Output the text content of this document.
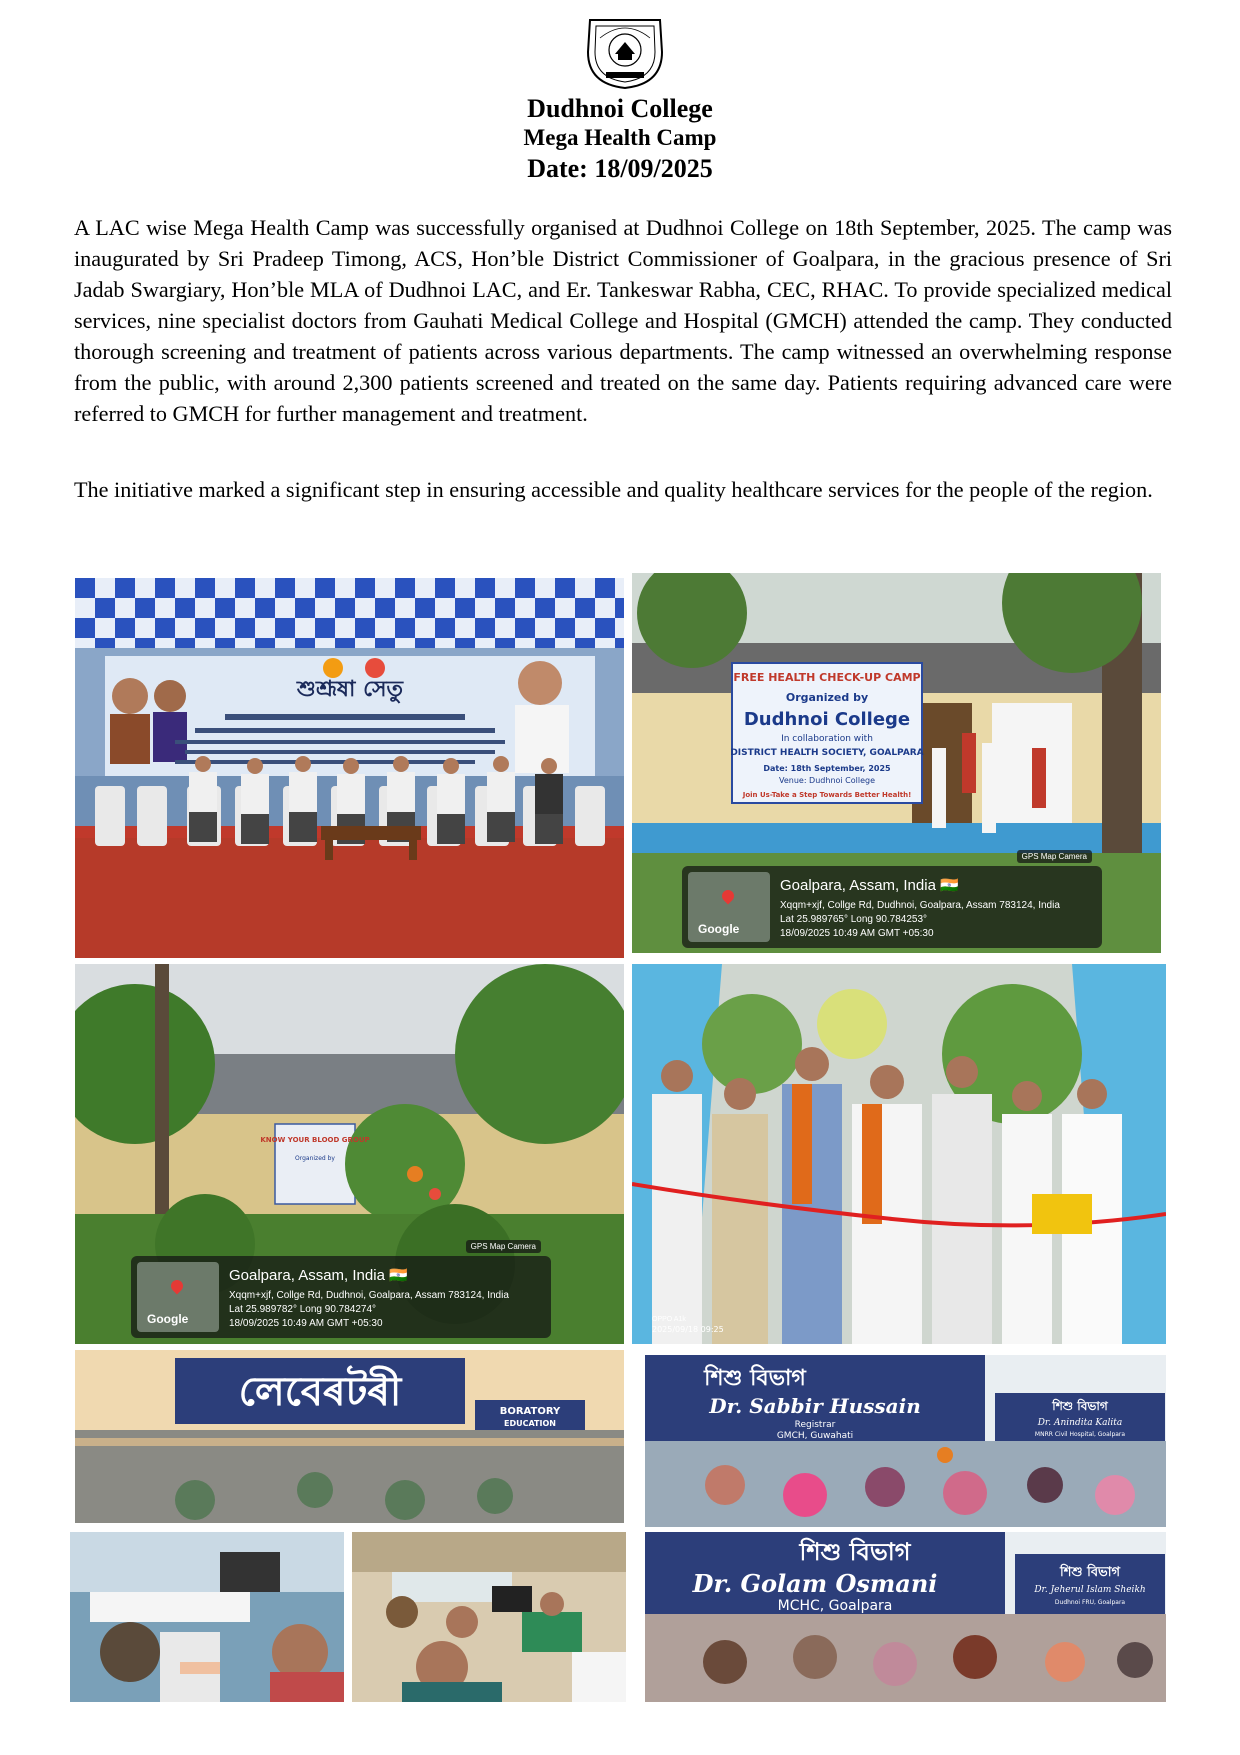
Dudhnoi College
Mega Health Camp
Date: 18/09/2025

A LAC wise Mega Health Camp was successfully organised at Dudhnoi College on 18th September, 2025. The camp was inaugurated by Sri Pradeep Timong, ACS, Hon’ble District Commissioner of Goalpara, in the gracious presence of Sri Jadab Swargiary, Hon’ble MLA of Dudhnoi LAC, and Er. Tankeswar Rabha, CEC, RHAC. To provide specialized medical services, nine specialist doctors from Gauhati Medical College and Hospital (GMCH) attended the camp. They conducted thorough screening and treatment of patients across various departments. The camp witnessed an overwhelming response from the public, with around 2,300 patients screened and treated on the same day. Patients requiring advanced care were referred to GMCH for further management and treatment.

The initiative marked a significant step in ensuring accessible and quality healthcare services for the people of the region.

শুশ্ৰূষা সেতু	FREE HEALTH CHECK-UP CAMP
Organized by
Dudhnoi College
In collaboration with
DISTRICT HEALTH SOCIETY, GOALPARA
Date: 18th September, 2025
Venue: Dudhnoi College
Join Us-Take a Step Towards Better Health!
GPS Map Camera
Google
Goalpara, Assam, India 🇮🇳
Xqqm+xjf, Collge Rd, Dudhnoi, Goalpara, Assam 783124, India
Lat 25.989765° Long 90.784253°
18/09/2025 10:49 AM GMT +05:30
KNOW YOUR BLOOD GROUP
Organized by
GPS Map Camera
Google
Goalpara, Assam, India 🇮🇳
Xqqm+xjf, Collge Rd, Dudhnoi, Goalpara, Assam 783124, India
Lat 25.989782° Long 90.784274°
18/09/2025 10:49 AM GMT +05:30	OPPO A1k
2025/09/18 09:25
লেবেৰটৰী	BORATORY
EDUCATION
শিশু বিভাগ
Dr. Sabbir Hussain
Registrar
GMCH, Guwahati
শিশু বিভাগ
Dr. Anindita Kalita
MNRR Civil Hospital, Goalpara
শিশু বিভাগ
Dr. Golam Osmani
MCHC, Goalpara
শিশু বিভাগ
Dr. Jeherul Islam Sheikh
Dudhnoi FRU, Goalpara
